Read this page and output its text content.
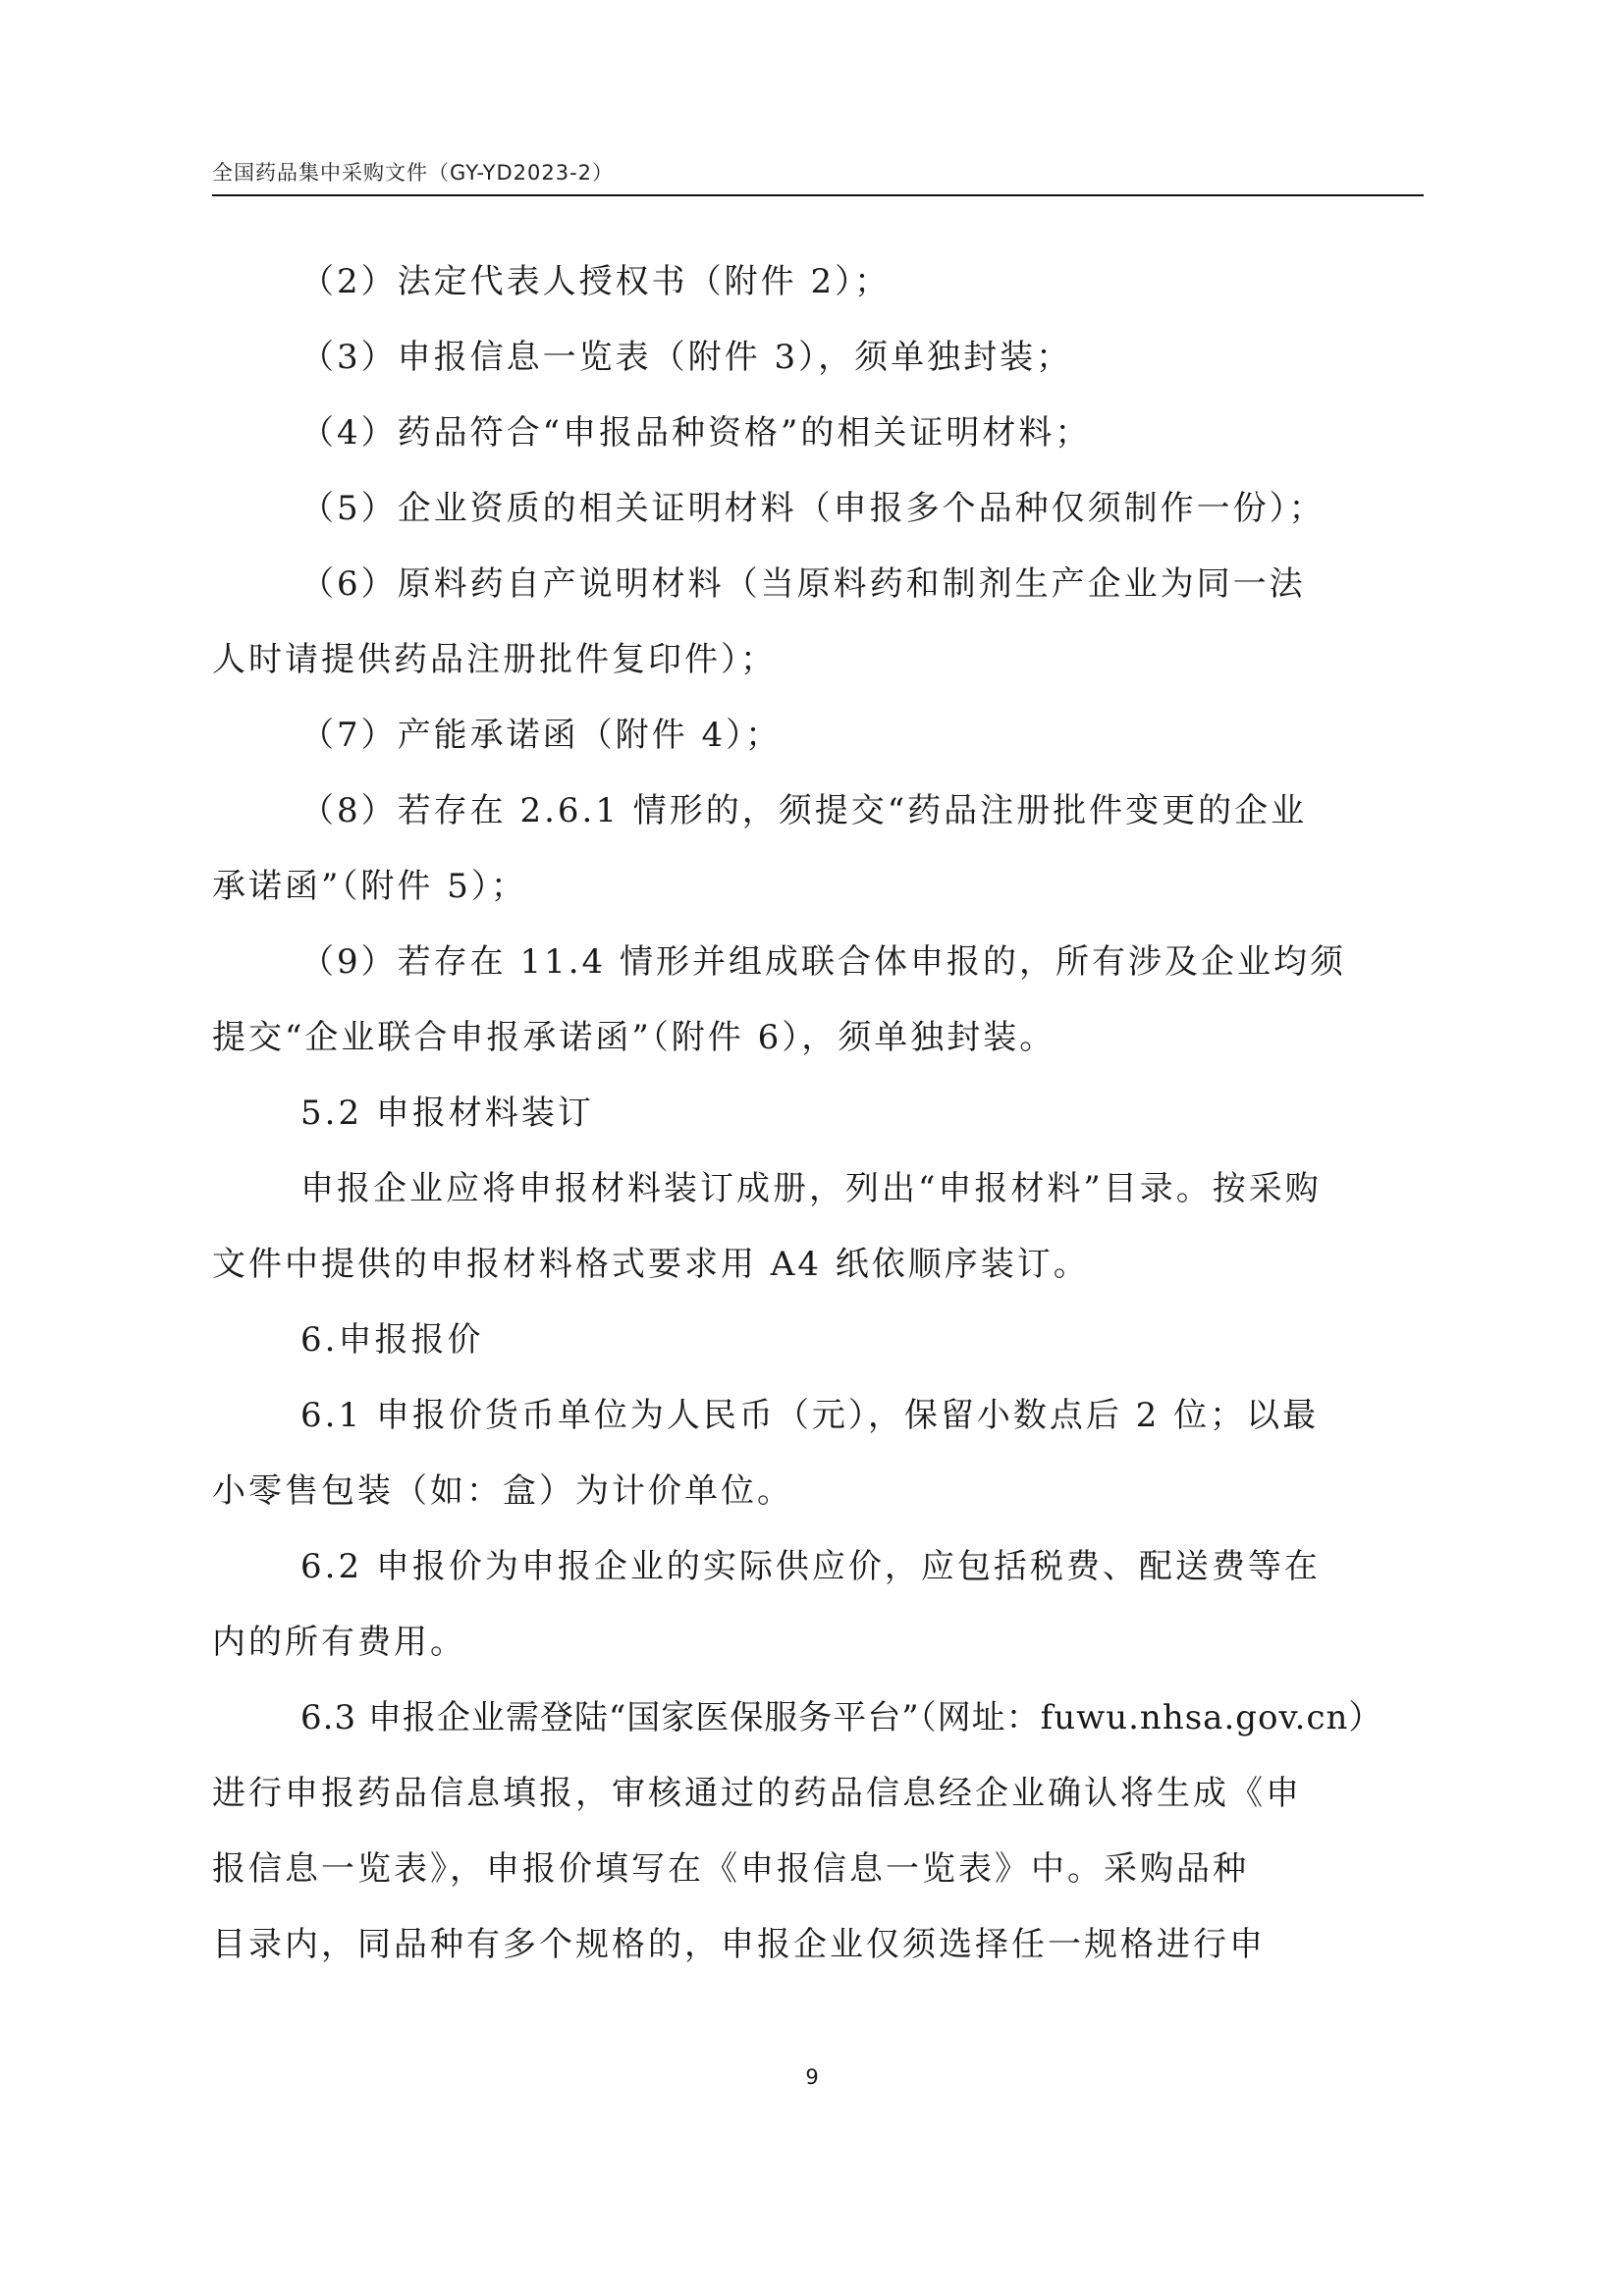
全国药品集中采购文件（GY-YD2023-2）
（2）法定代表人授权书（附件 2）；
（3）申报信息一览表（附件 3），须单独封装；
（4）药品符合“申报品种资格”的相关证明材料；
（5）企业资质的相关证明材料（申报多个品种仅须制作一份）；
（6）原料药自产说明材料（当原料药和制剂生产企业为同一法
人时请提供药品注册批件复印件）；
（7）产能承诺函（附件 4）；
（8）若存在 2.6.1 情形的，须提交“药品注册批件变更的企业
承诺函”（附件 5）；
（9）若存在 11.4 情形并组成联合体申报的，所有涉及企业均须
提交“企业联合申报承诺函”（附件 6），须单独封装。
5.2 申报材料装订
申报企业应将申报材料装订成册，列出“申报材料”目录。按采购
文件中提供的申报材料格式要求用 A4 纸依顺序装订。
6.申报报价
6.1 申报价货币单位为人民币（元），保留小数点后 2 位；以最
小零售包装（如：盒）为计价单位。
6.2 申报价为申报企业的实际供应价，应包括税费、配送费等在
内的所有费用。
6.3 申报企业需登陆“国家医保服务平台”（网址：fuwu.nhsa.gov.cn）
进行申报药品信息填报，审核通过的药品信息经企业确认将生成《申
报信息一览表》，申报价填写在《申报信息一览表》中。采购品种
目录内，同品种有多个规格的，申报企业仅须选择任一规格进行申
9
